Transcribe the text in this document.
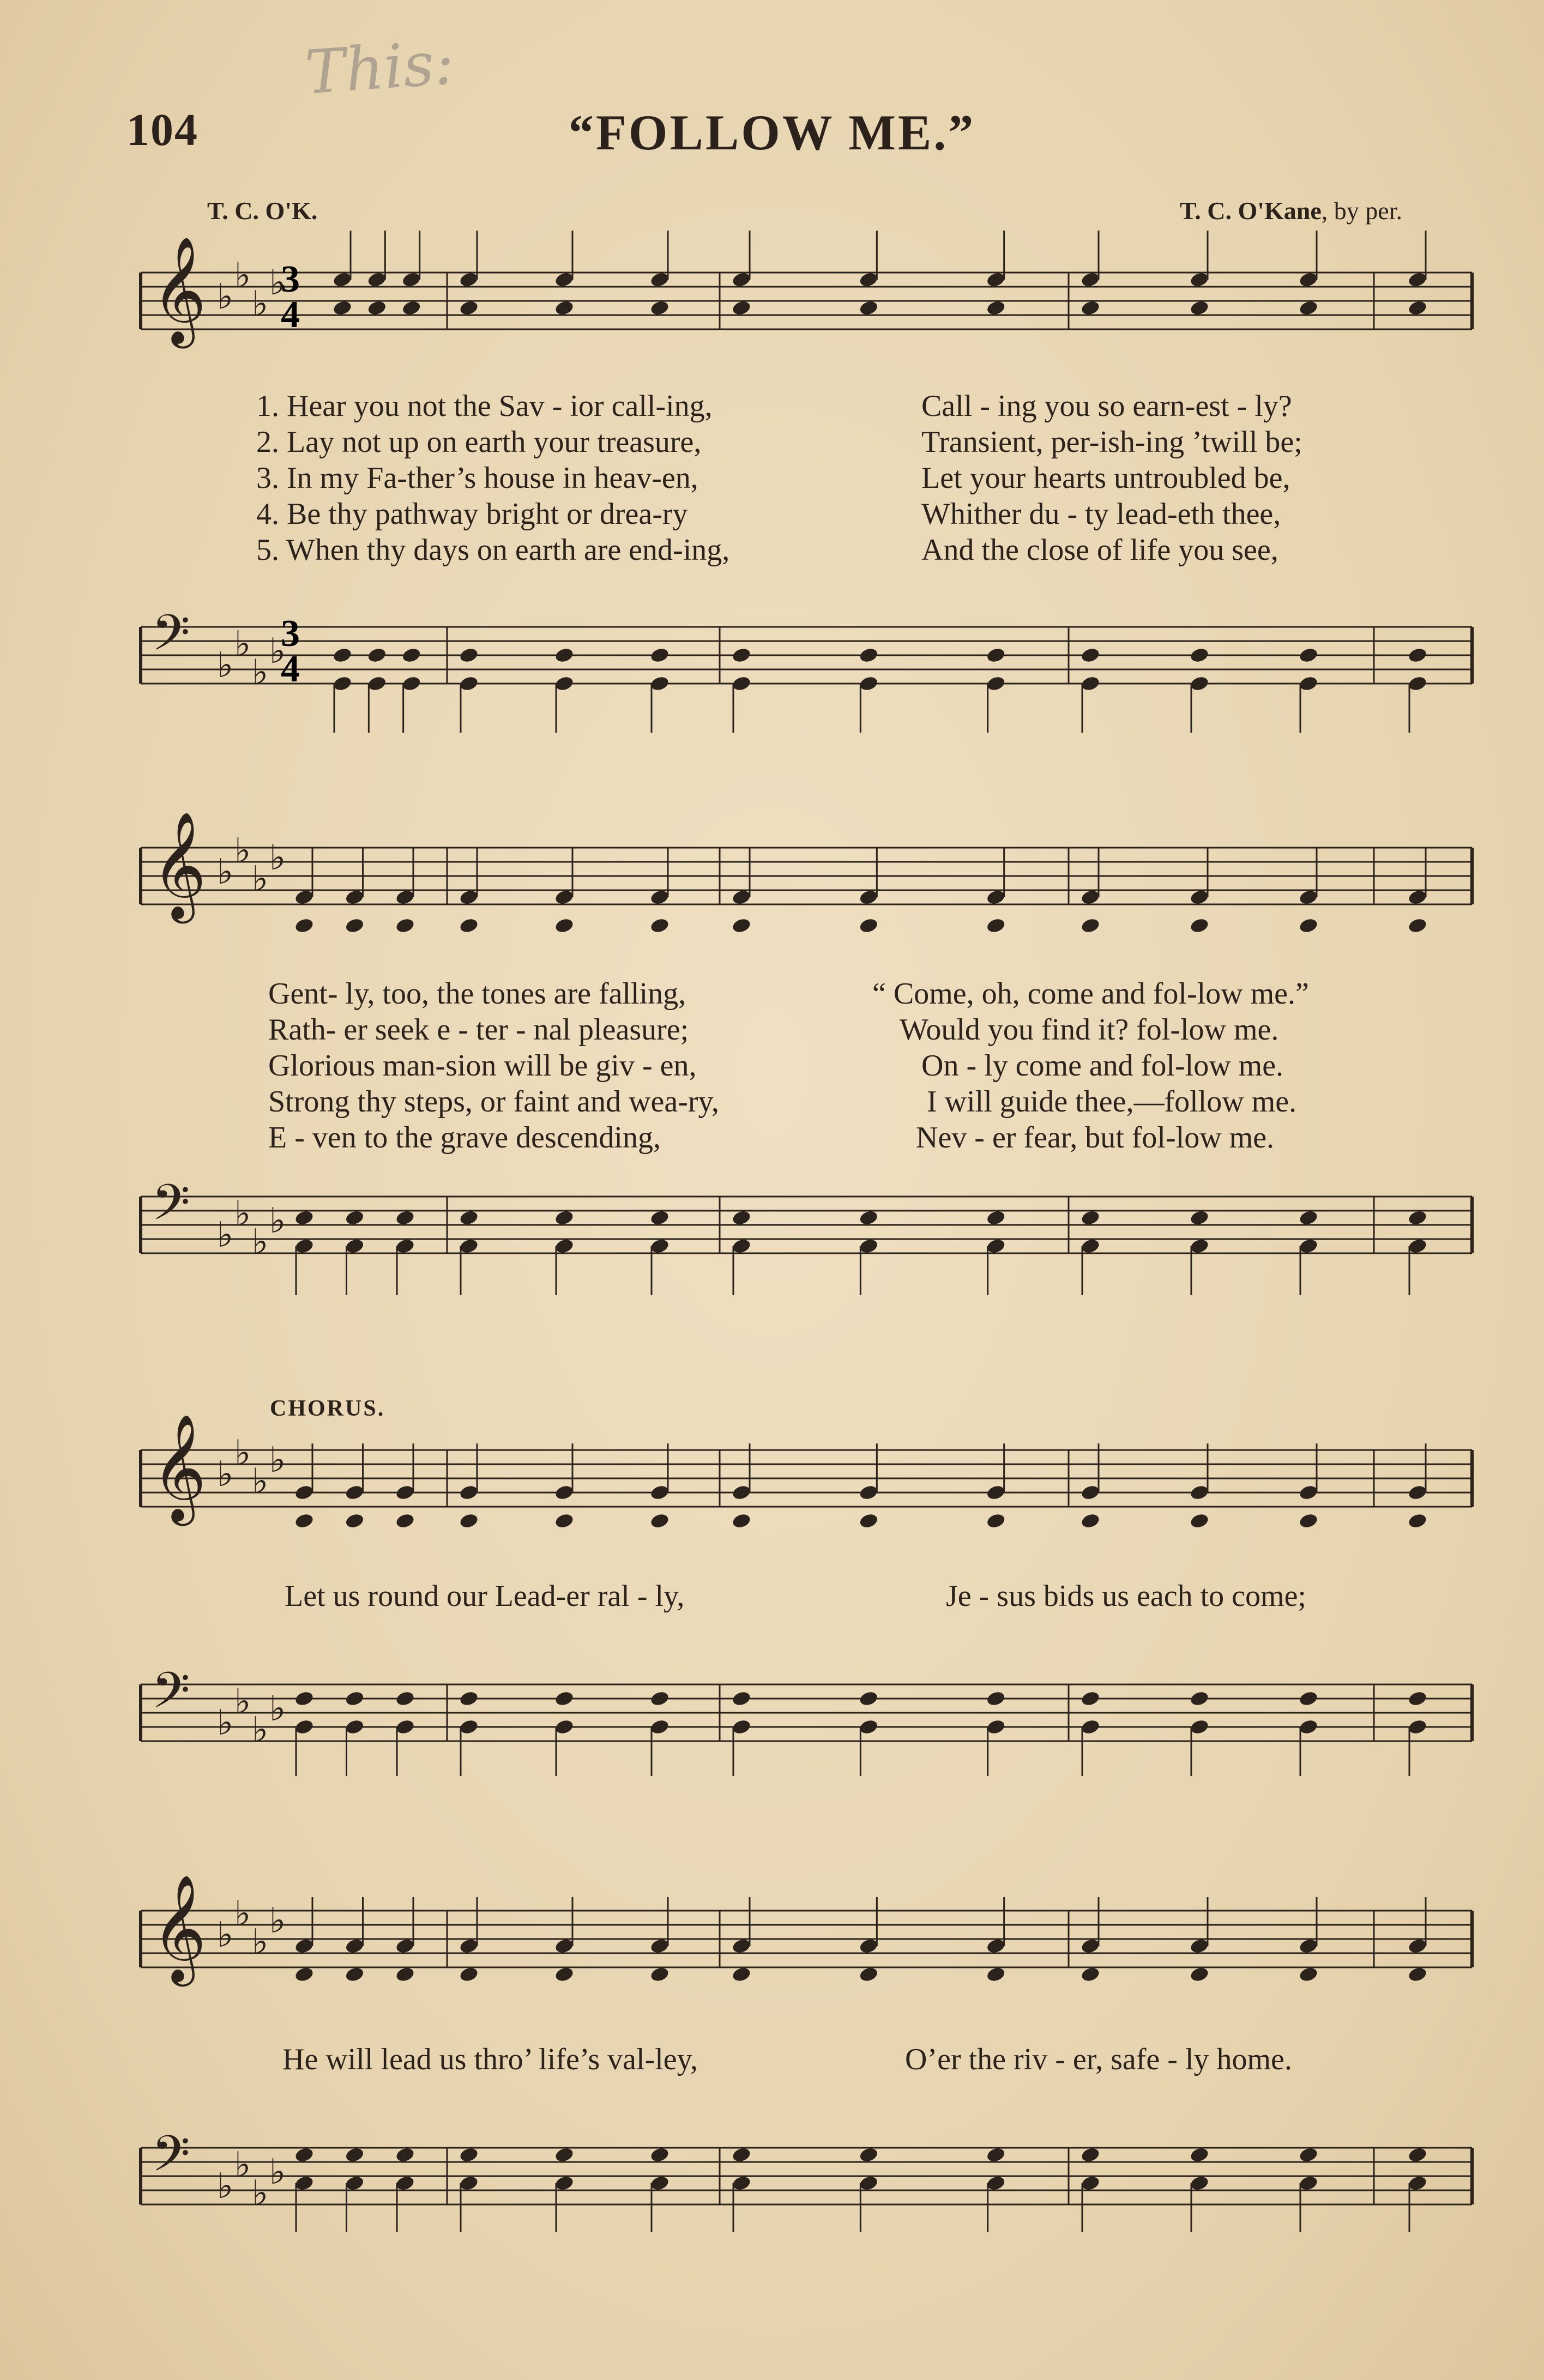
This:
104	“FOLLOW ME.”
T. C. O'K.	T. C. O'Kane, by per.
𝄞 ♭
♭
♭
♭
𝄢 ♭
♭
♭
♭
𝄞 ♭
♭
♭
♭
𝄢 ♭
♭
♭
♭
𝄞 ♭
♭
♭
♭
𝄢 ♭
♭
♭
♭
𝄞 ♭
♭
♭
♭
𝄢 ♭
♭
♭
♭
3
4
3
4
1. Hear you not the Sav - ior call-ing,	Call - ing you so earn-est - ly?
2. Lay not up on earth your treasure,	Transient, per-ish-ing ’twill be;
3. In my Fa-ther’s house in heav-en,	Let your hearts untroubled be,
4. Be thy pathway bright or drea-ry	Whither du - ty lead-eth thee,
5. When thy days on earth are end-ing,	And the close of life you see,
Gent- ly, too, the tones are falling,	“ Come, oh, come and fol-low me.”
Rath- er seek e - ter - nal pleasure;	Would you find it? fol-low me.
Glorious man-sion will be giv - en,	On - ly come and fol-low me.
Strong thy steps, or faint and wea-ry,	I will guide thee,—follow me.
E - ven to the grave descending,	Nev - er fear, but fol-low me.
CHORUS.
Let us round our Lead-er ral - ly,	Je - sus bids us each to come;
He will lead us thro’ life’s val-ley,	O’er the riv - er, safe - ly home.
